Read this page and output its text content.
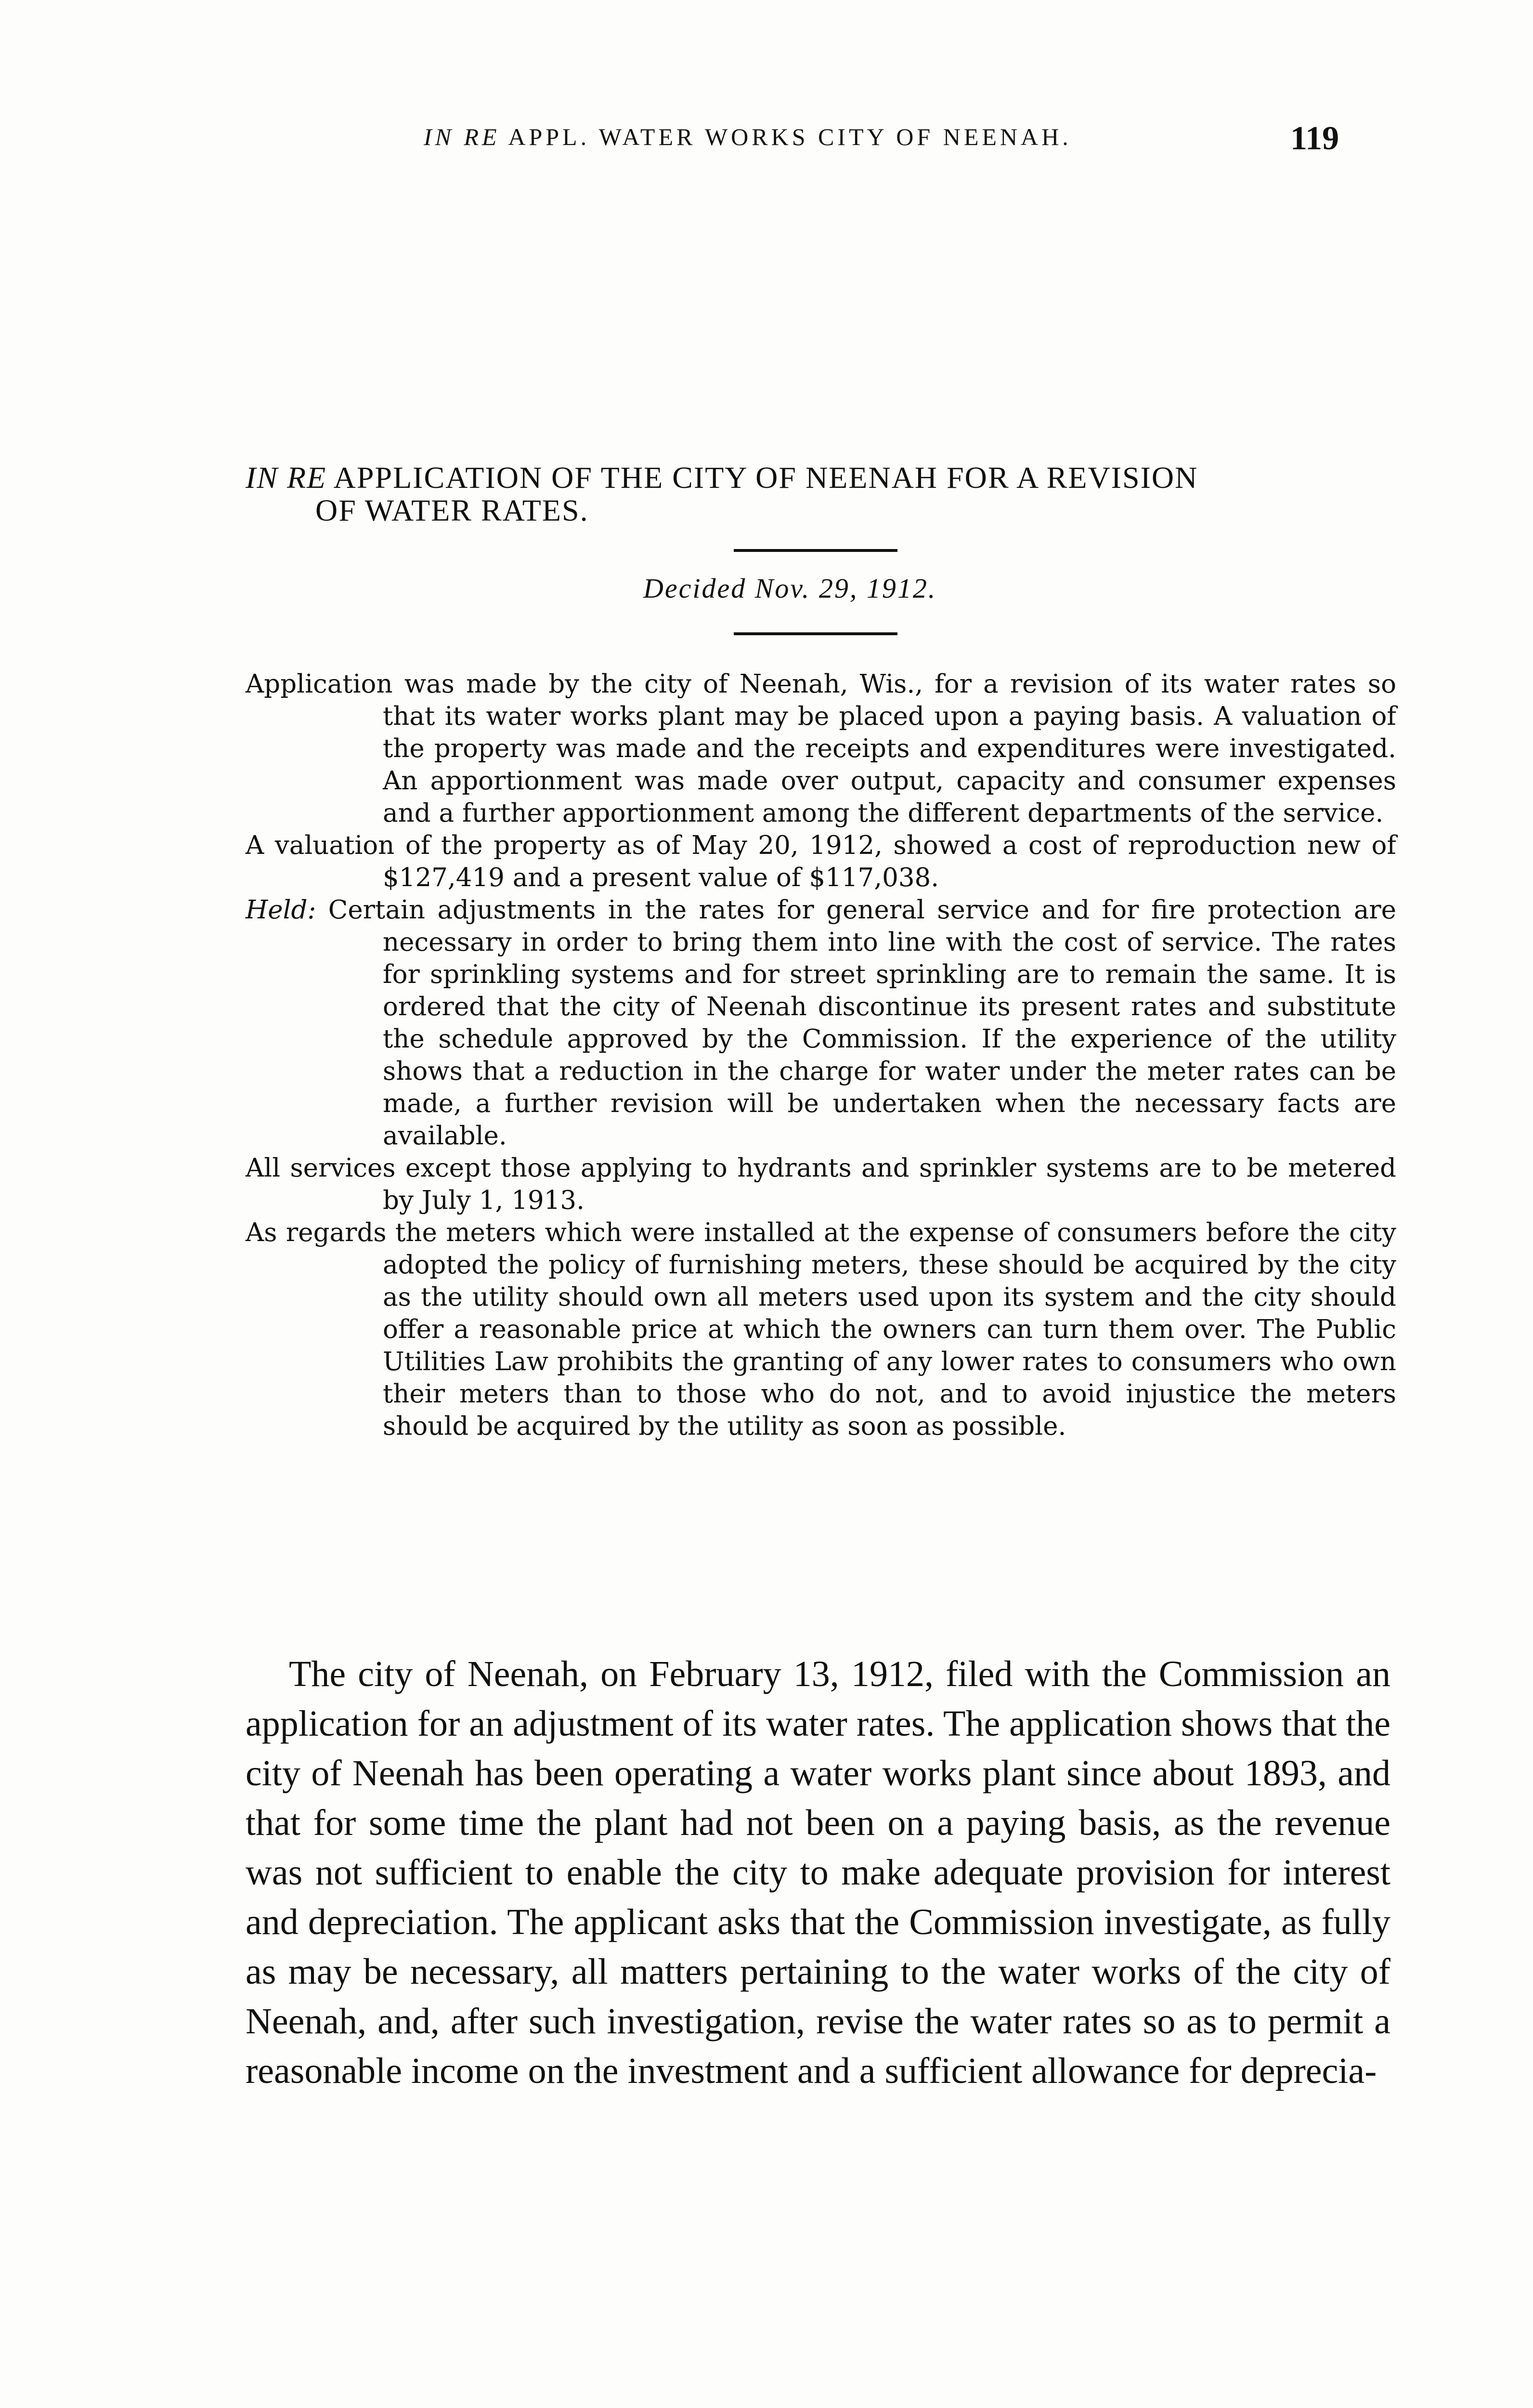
IN RE APPL. WATER WORKS CITY OF NEENAH.	119
IN RE APPLICATION OF THE CITY OF NEENAH FOR A REVISION
OF WATER RATES.
Decided Nov. 29, 1912.

Application was made by the city of Neenah, Wis., for a revision of its water rates so that its water works plant may be placed upon a paying basis. A valuation of the property was made and the receipts and expenditures were investigated. An apportionment was made over output, capacity and consumer expenses and a further apportionment among the different departments of the service.

A valuation of the property as of May 20, 1912, showed a cost of reproduction new of $127,419 and a present value of $117,038.

Held: Certain adjustments in the rates for general service and for fire protection are necessary in order to bring them into line with the cost of service. The rates for sprinkling systems and for street sprinkling are to remain the same. It is ordered that the city of Neenah discontinue its present rates and substitute the schedule approved by the Commission. If the experience of the utility shows that a reduction in the charge for water under the meter rates can be made, a further revision will be undertaken when the necessary facts are available.

All services except those applying to hydrants and sprinkler systems are to be metered by July 1, 1913.

As regards the meters which were installed at the expense of consumers before the city adopted the policy of furnishing meters, these should be acquired by the city as the utility should own all meters used upon its system and the city should offer a reasonable price at which the owners can turn them over. The Public Utilities Law prohibits the granting of any lower rates to consumers who own their meters than to those who do not, and to avoid injustice the meters should be acquired by the utility as soon as possible.

The city of Neenah, on February 13, 1912, filed with the Commission an application for an adjustment of its water rates. The application shows that the city of Neenah has been operating a water works plant since about 1893, and that for some time the plant had not been on a paying basis, as the revenue was not sufficient to enable the city to make adequate provision for interest and depreciation. The applicant asks that the Commission investigate, as fully as may be necessary, all matters pertaining to the water works of the city of Neenah, and, after such investigation, revise the water rates so as to permit a reasonable income on the investment and a sufficient allowance for deprecia-
